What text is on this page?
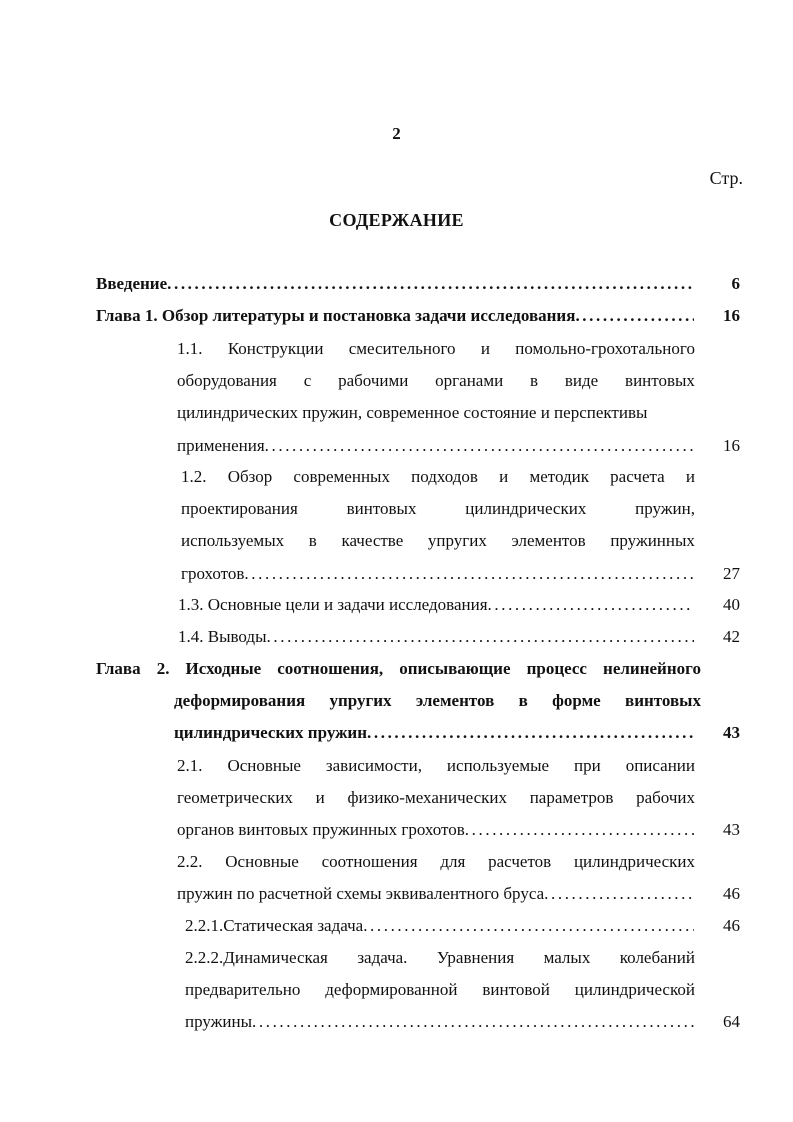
2
Стр.
СОДЕРЖАНИЕ
Введение .....	6
Глава 1. Обзор литературы и постановка задачи исследования .....	16
1.1. Конструкции смесительного и помольно-грохотального
оборудования с рабочими органами в виде винтовых
цилиндрических пружин, современное состояние и перспективы
применения .....	16
1.2. Обзор современных подходов и методик расчета и
проектирования	винтовых	цилиндрических	пружин,
используемых в качестве упругих элементов пружинных
грохотов .....	27
1.3. Основные цели и задачи исследования .....	40
1.4. Выводы .....	42
Глава 2. Исходные соотношения, описывающие процесс нелинейного
деформирования упругих элементов в форме винтовых
цилиндрических пружин .....	43
2.1. Основные зависимости, используемые при описании
геометрических и физико-механических параметров рабочих
органов винтовых пружинных грохотов .....	43
2.2. Основные соотношения для расчетов цилиндрических
пружин по расчетной схемы эквивалентного бруса .....	46
2.2.1.Статическая задача .....	46
2.2.2.Динамическая задача. Уравнения малых колебаний
предварительно деформированной винтовой цилиндрической
пружины .....	64
